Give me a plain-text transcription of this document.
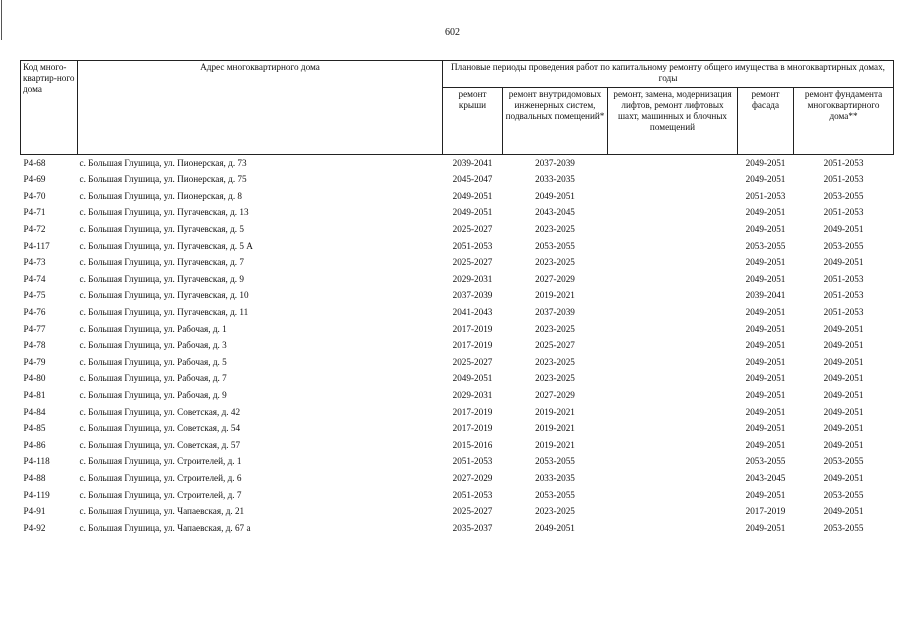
602
Код много-квартир-ного дома	Адрес многоквартирного дома	Плановые периоды проведения работ по капитальному ремонту общего имущества в многоквартирных домах, годы				
		ремонт крыши	ремонт внутридомовых инженерных систем, подвальных помещений*	ремонт, замена, модернизация лифтов, ремонт лифтовых шахт, машинных и блочных помещений	ремонт фасада	ремонт фундамента многоквартирного дома**
Р4-68	с. Большая Глушица, ул. Пионерская, д. 73	2039-2041	2037-2039		2049-2051	2051-2053
Р4-69	с. Большая Глушица, ул. Пионерская, д. 75	2045-2047	2033-2035		2049-2051	2051-2053
Р4-70	с. Большая Глушица, ул. Пионерская, д. 8	2049-2051	2049-2051		2051-2053	2053-2055
Р4-71	с. Большая Глушица, ул. Пугачевская, д. 13	2049-2051	2043-2045		2049-2051	2051-2053
Р4-72	с. Большая Глушица, ул. Пугачевская, д. 5	2025-2027	2023-2025		2049-2051	2049-2051
Р4-117	с. Большая Глушица, ул. Пугачевская, д. 5 А	2051-2053	2053-2055		2053-2055	2053-2055
Р4-73	с. Большая Глушица, ул. Пугачевская, д. 7	2025-2027	2023-2025		2049-2051	2049-2051
Р4-74	с. Большая Глушица, ул. Пугачевская, д. 9	2029-2031	2027-2029		2049-2051	2051-2053
Р4-75	с. Большая Глушица, ул. Пугачевская, д. 10	2037-2039	2019-2021		2039-2041	2051-2053
Р4-76	с. Большая Глушица, ул. Пугачевская, д. 11	2041-2043	2037-2039		2049-2051	2051-2053
Р4-77	с. Большая Глушица, ул. Рабочая, д. 1	2017-2019	2023-2025		2049-2051	2049-2051
Р4-78	с. Большая Глушица, ул. Рабочая, д. 3	2017-2019	2025-2027		2049-2051	2049-2051
Р4-79	с. Большая Глушица, ул. Рабочая, д. 5	2025-2027	2023-2025		2049-2051	2049-2051
Р4-80	с. Большая Глушица, ул. Рабочая, д. 7	2049-2051	2023-2025		2049-2051	2049-2051
Р4-81	с. Большая Глушица, ул. Рабочая, д. 9	2029-2031	2027-2029		2049-2051	2049-2051
Р4-84	с. Большая Глушица, ул. Советская, д. 42	2017-2019	2019-2021		2049-2051	2049-2051
Р4-85	с. Большая Глушица, ул. Советская, д. 54	2017-2019	2019-2021		2049-2051	2049-2051
Р4-86	с. Большая Глушица, ул. Советская, д. 57	2015-2016	2019-2021		2049-2051	2049-2051
Р4-118	с. Большая Глушица, ул. Строителей, д. 1	2051-2053	2053-2055		2053-2055	2053-2055
Р4-88	с. Большая Глушица, ул. Строителей, д. 6	2027-2029	2033-2035		2043-2045	2049-2051
Р4-119	с. Большая Глушица, ул. Строителей, д. 7	2051-2053	2053-2055		2049-2051	2053-2055
Р4-91	с. Большая Глушица, ул. Чапаевская, д. 21	2025-2027	2023-2025		2017-2019	2049-2051
Р4-92	с. Большая Глушица, ул. Чапаевская, д. 67 а	2035-2037	2049-2051		2049-2051	2053-2055
